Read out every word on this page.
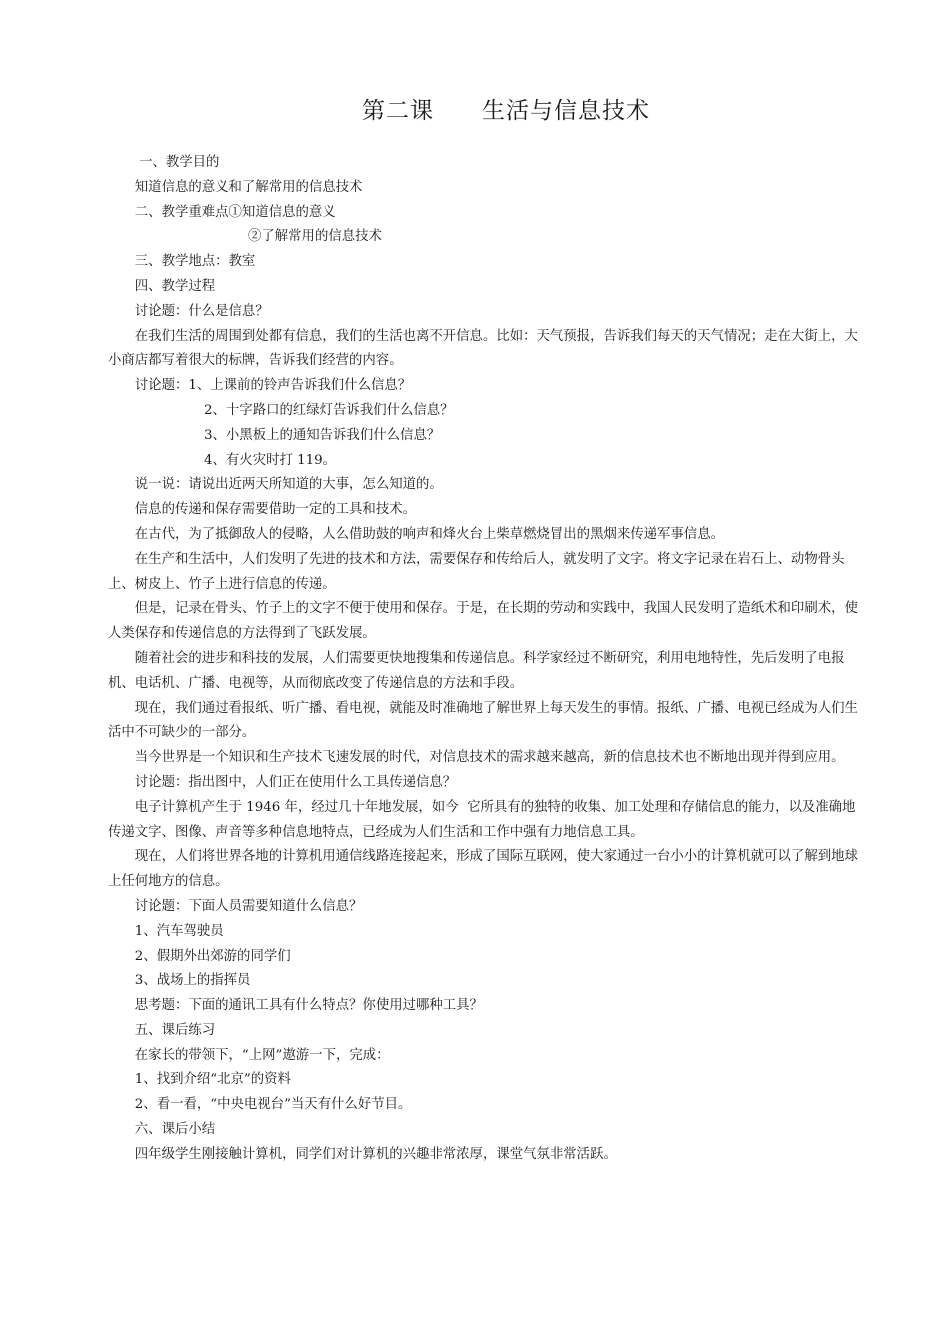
第二课　　生活与信息技术

一、教学目的

知道信息的意义和了解常用的信息技术

二、教学重难点①知道信息的意义

②了解常用的信息技术

三、教学地点：教室

四、教学过程

讨论题：什么是信息？

在我们生活的周围到处都有信息，我们的生活也离不开信息。比如：天气预报，告诉我们每天的天气情况；走在大街上，大小商店都写着很大的标牌，告诉我们经营的内容。

讨论题：1、上课前的铃声告诉我们什么信息？

2、十字路口的红绿灯告诉我们什么信息？

3、小黑板上的通知告诉我们什么信息？

4、有火灾时打 119。

说一说：请说出近两天所知道的大事，怎么知道的。

信息的传递和保存需要借助一定的工具和技术。

在古代，为了抵御敌人的侵略，人么借助鼓的响声和烽火台上柴草燃烧冒出的黑烟来传递军事信息。

在生产和生活中，人们发明了先进的技术和方法，需要保存和传给后人，就发明了文字。将文字记录在岩石上、动物骨头上、树皮上、竹子上进行信息的传递。

但是，记录在骨头、竹子上的文字不便于使用和保存。于是，在长期的劳动和实践中，我国人民发明了造纸术和印刷术，使人类保存和传递信息的方法得到了飞跃发展。

随着社会的进步和科技的发展，人们需要更快地搜集和传递信息。科学家经过不断研究，利用电地特性，先后发明了电报机、电话机、广播、电视等，从而彻底改变了传递信息的方法和手段。

现在，我们通过看报纸、听广播、看电视，就能及时准确地了解世界上每天发生的事情。报纸、广播、电视已经成为人们生活中不可缺少的一部分。

当今世界是一个知识和生产技术飞速发展的时代，对信息技术的需求越来越高，新的信息技术也不断地出现并得到应用。

讨论题：指出图中，人们正在使用什么工具传递信息？

电子计算机产生于 1946 年，经过几十年地发展，如今  它所具有的独特的收集、加工处理和存储信息的能力，以及准确地传递文字、图像、声音等多种信息地特点，已经成为人们生活和工作中强有力地信息工具。

现在，人们将世界各地的计算机用通信线路连接起来，形成了国际互联网，使大家通过一台小小的计算机就可以了解到地球上任何地方的信息。

讨论题：下面人员需要知道什么信息？

1、汽车驾驶员

2、假期外出郊游的同学们

3、战场上的指挥员

思考题：下面的通讯工具有什么特点？你使用过哪种工具？

五、课后练习

在家长的带领下，“上网”遨游一下，完成：

1、找到介绍“北京”的资料

2、看一看，“中央电视台”当天有什么好节目。

六、课后小结

四年级学生刚接触计算机，同学们对计算机的兴趣非常浓厚，课堂气氛非常活跃。
